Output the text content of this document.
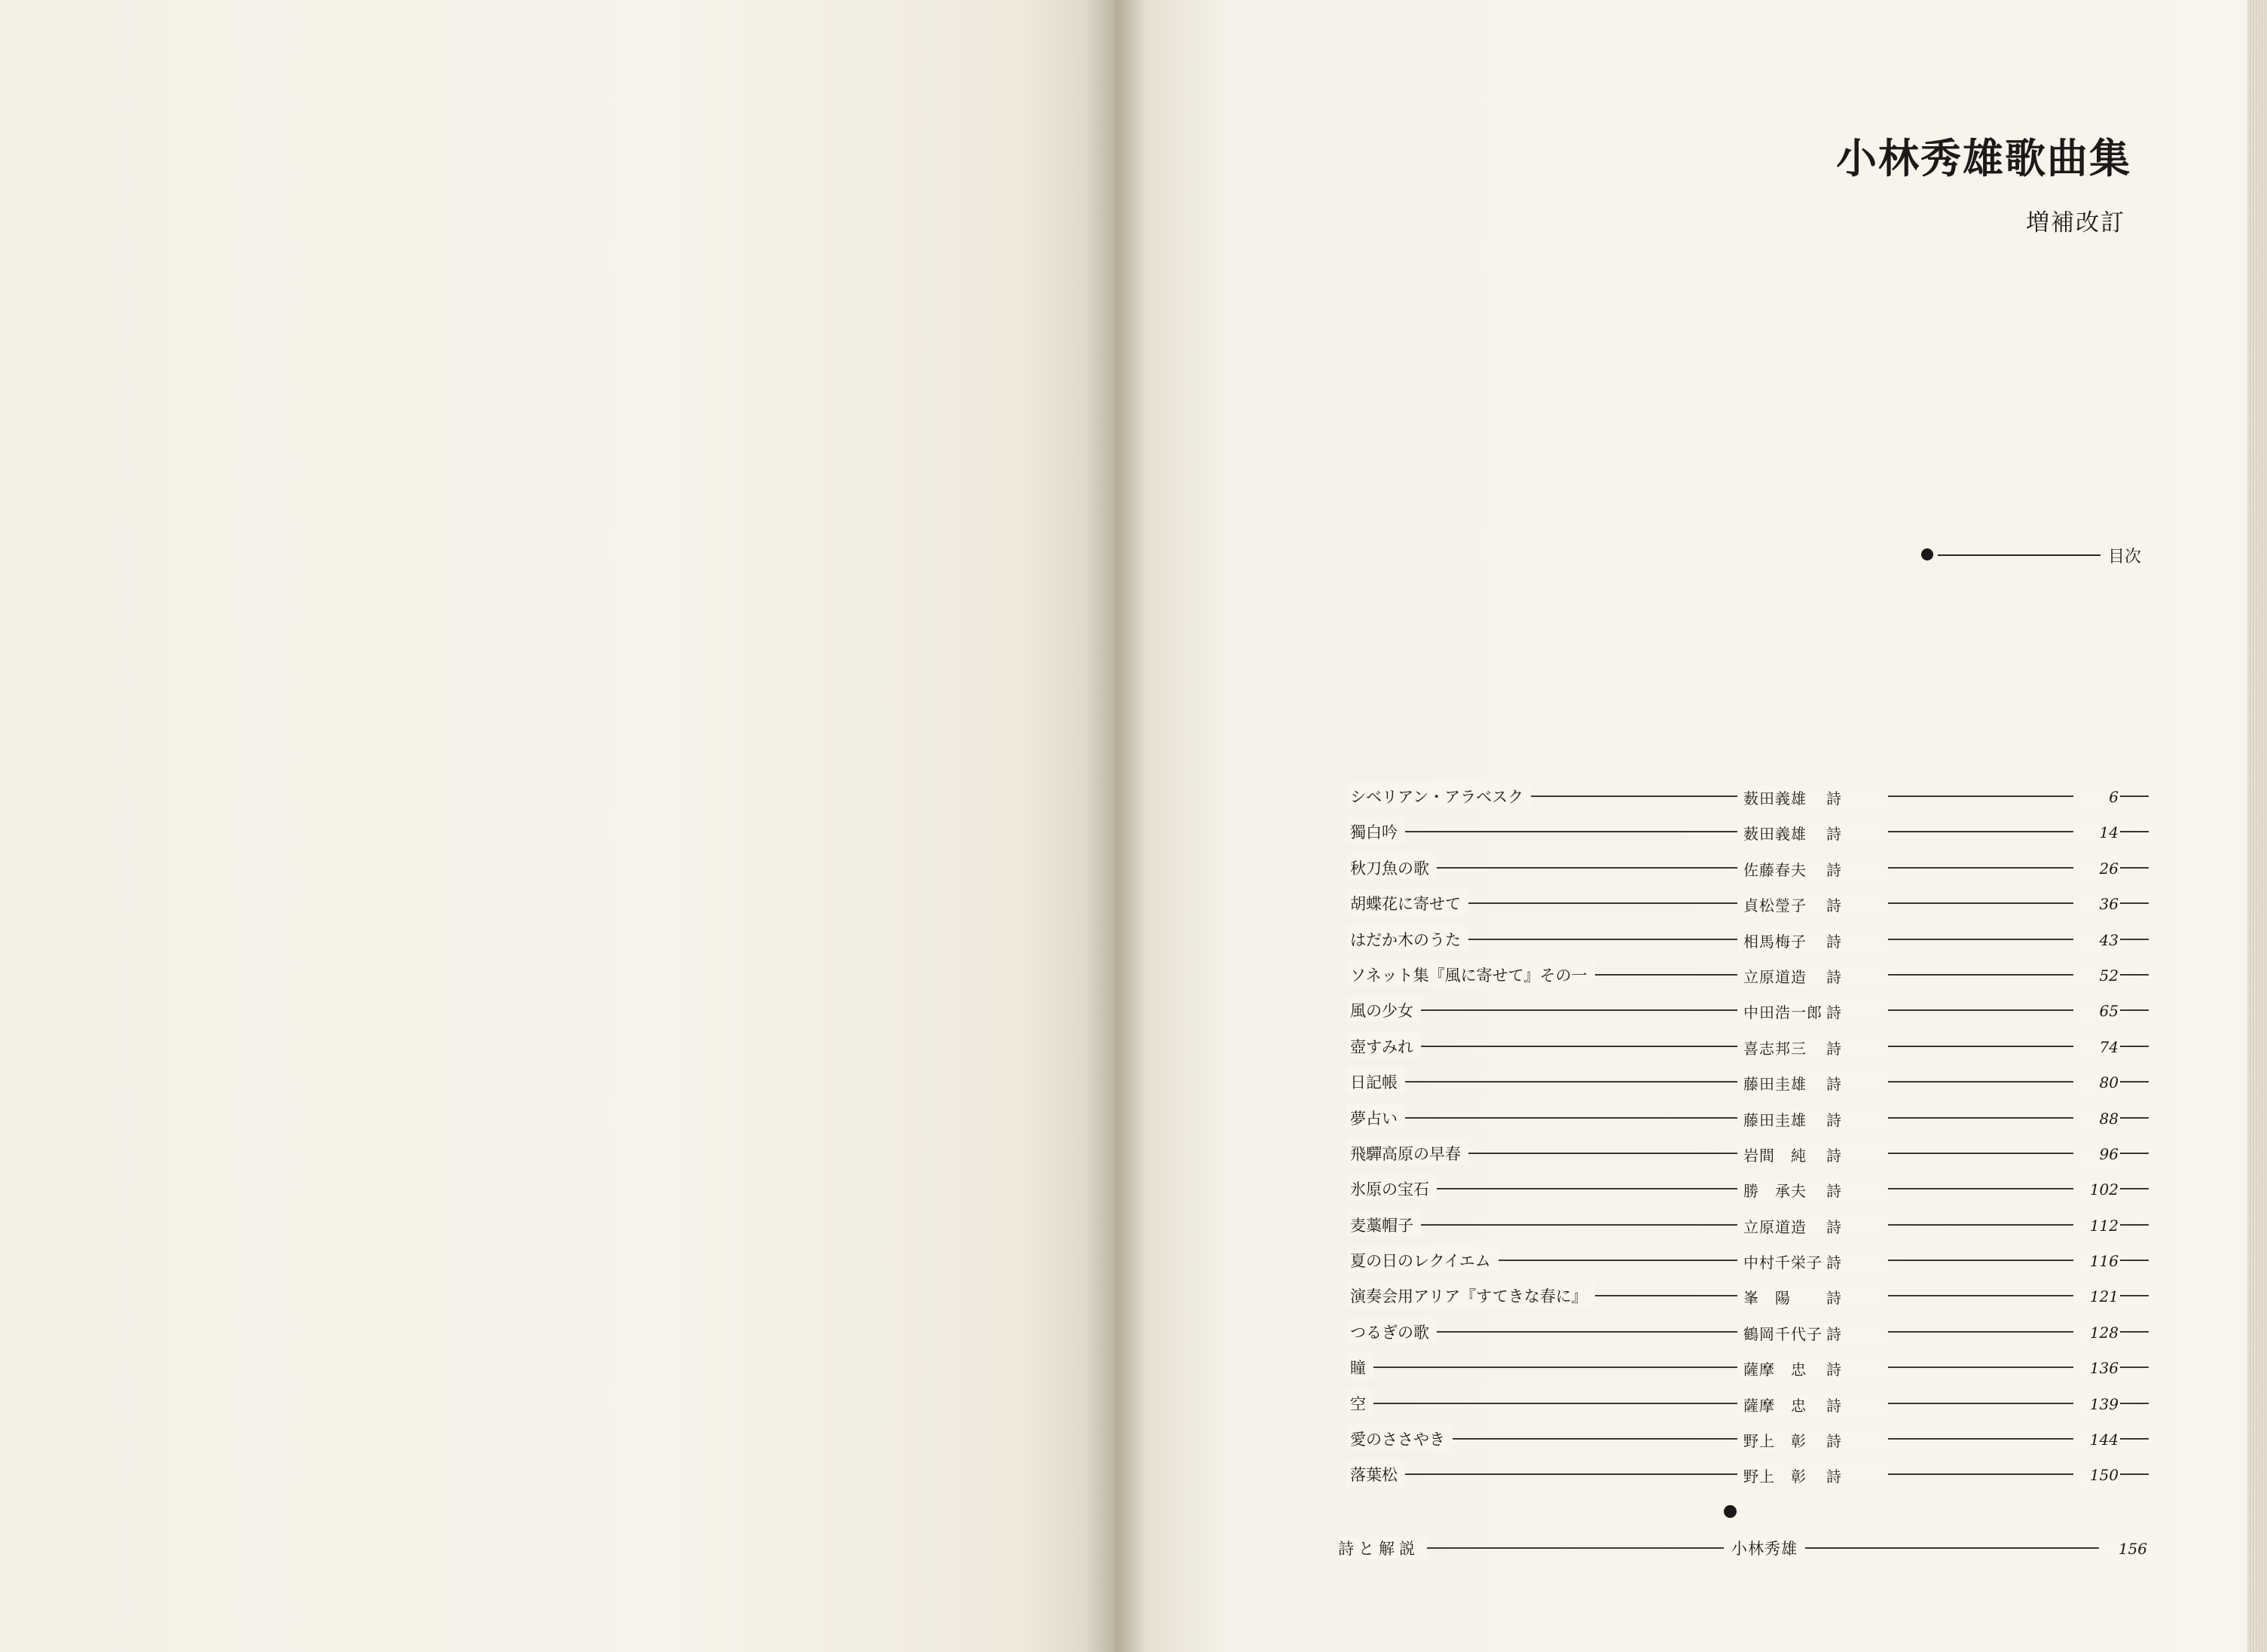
小林秀雄歌曲集
増補改訂
目次
シベリアン・アラベスク	薮田義雄 詩	6
獨白吟	薮田義雄 詩	14
秋刀魚の歌	佐藤春夫 詩	26
胡蝶花に寄せて	貞松瑩子 詩	36
はだか木のうた	相馬梅子 詩	43
ソネット集『風に寄せて』その一	立原道造 詩	52
風の少女	中田浩一郎 詩	65
壺すみれ	喜志邦三 詩	74
日記帳	藤田圭雄 詩	80
夢占い	藤田圭雄 詩	88
飛驒高原の早春	岩間　純 詩	96
氷原の宝石	勝　承夫 詩	102
麦藁帽子	立原道造 詩	112
夏の日のレクイエム	中村千栄子 詩	116
演奏会用アリア『すてきな春に』	峯　陽 詩	121
つるぎの歌	鶴岡千代子 詩	128
瞳	薩摩　忠 詩	136
空	薩摩　忠 詩	139
愛のささやき	野上　彰 詩	144
落葉松	野上　彰 詩	150
詩と解説	小林秀雄	156
